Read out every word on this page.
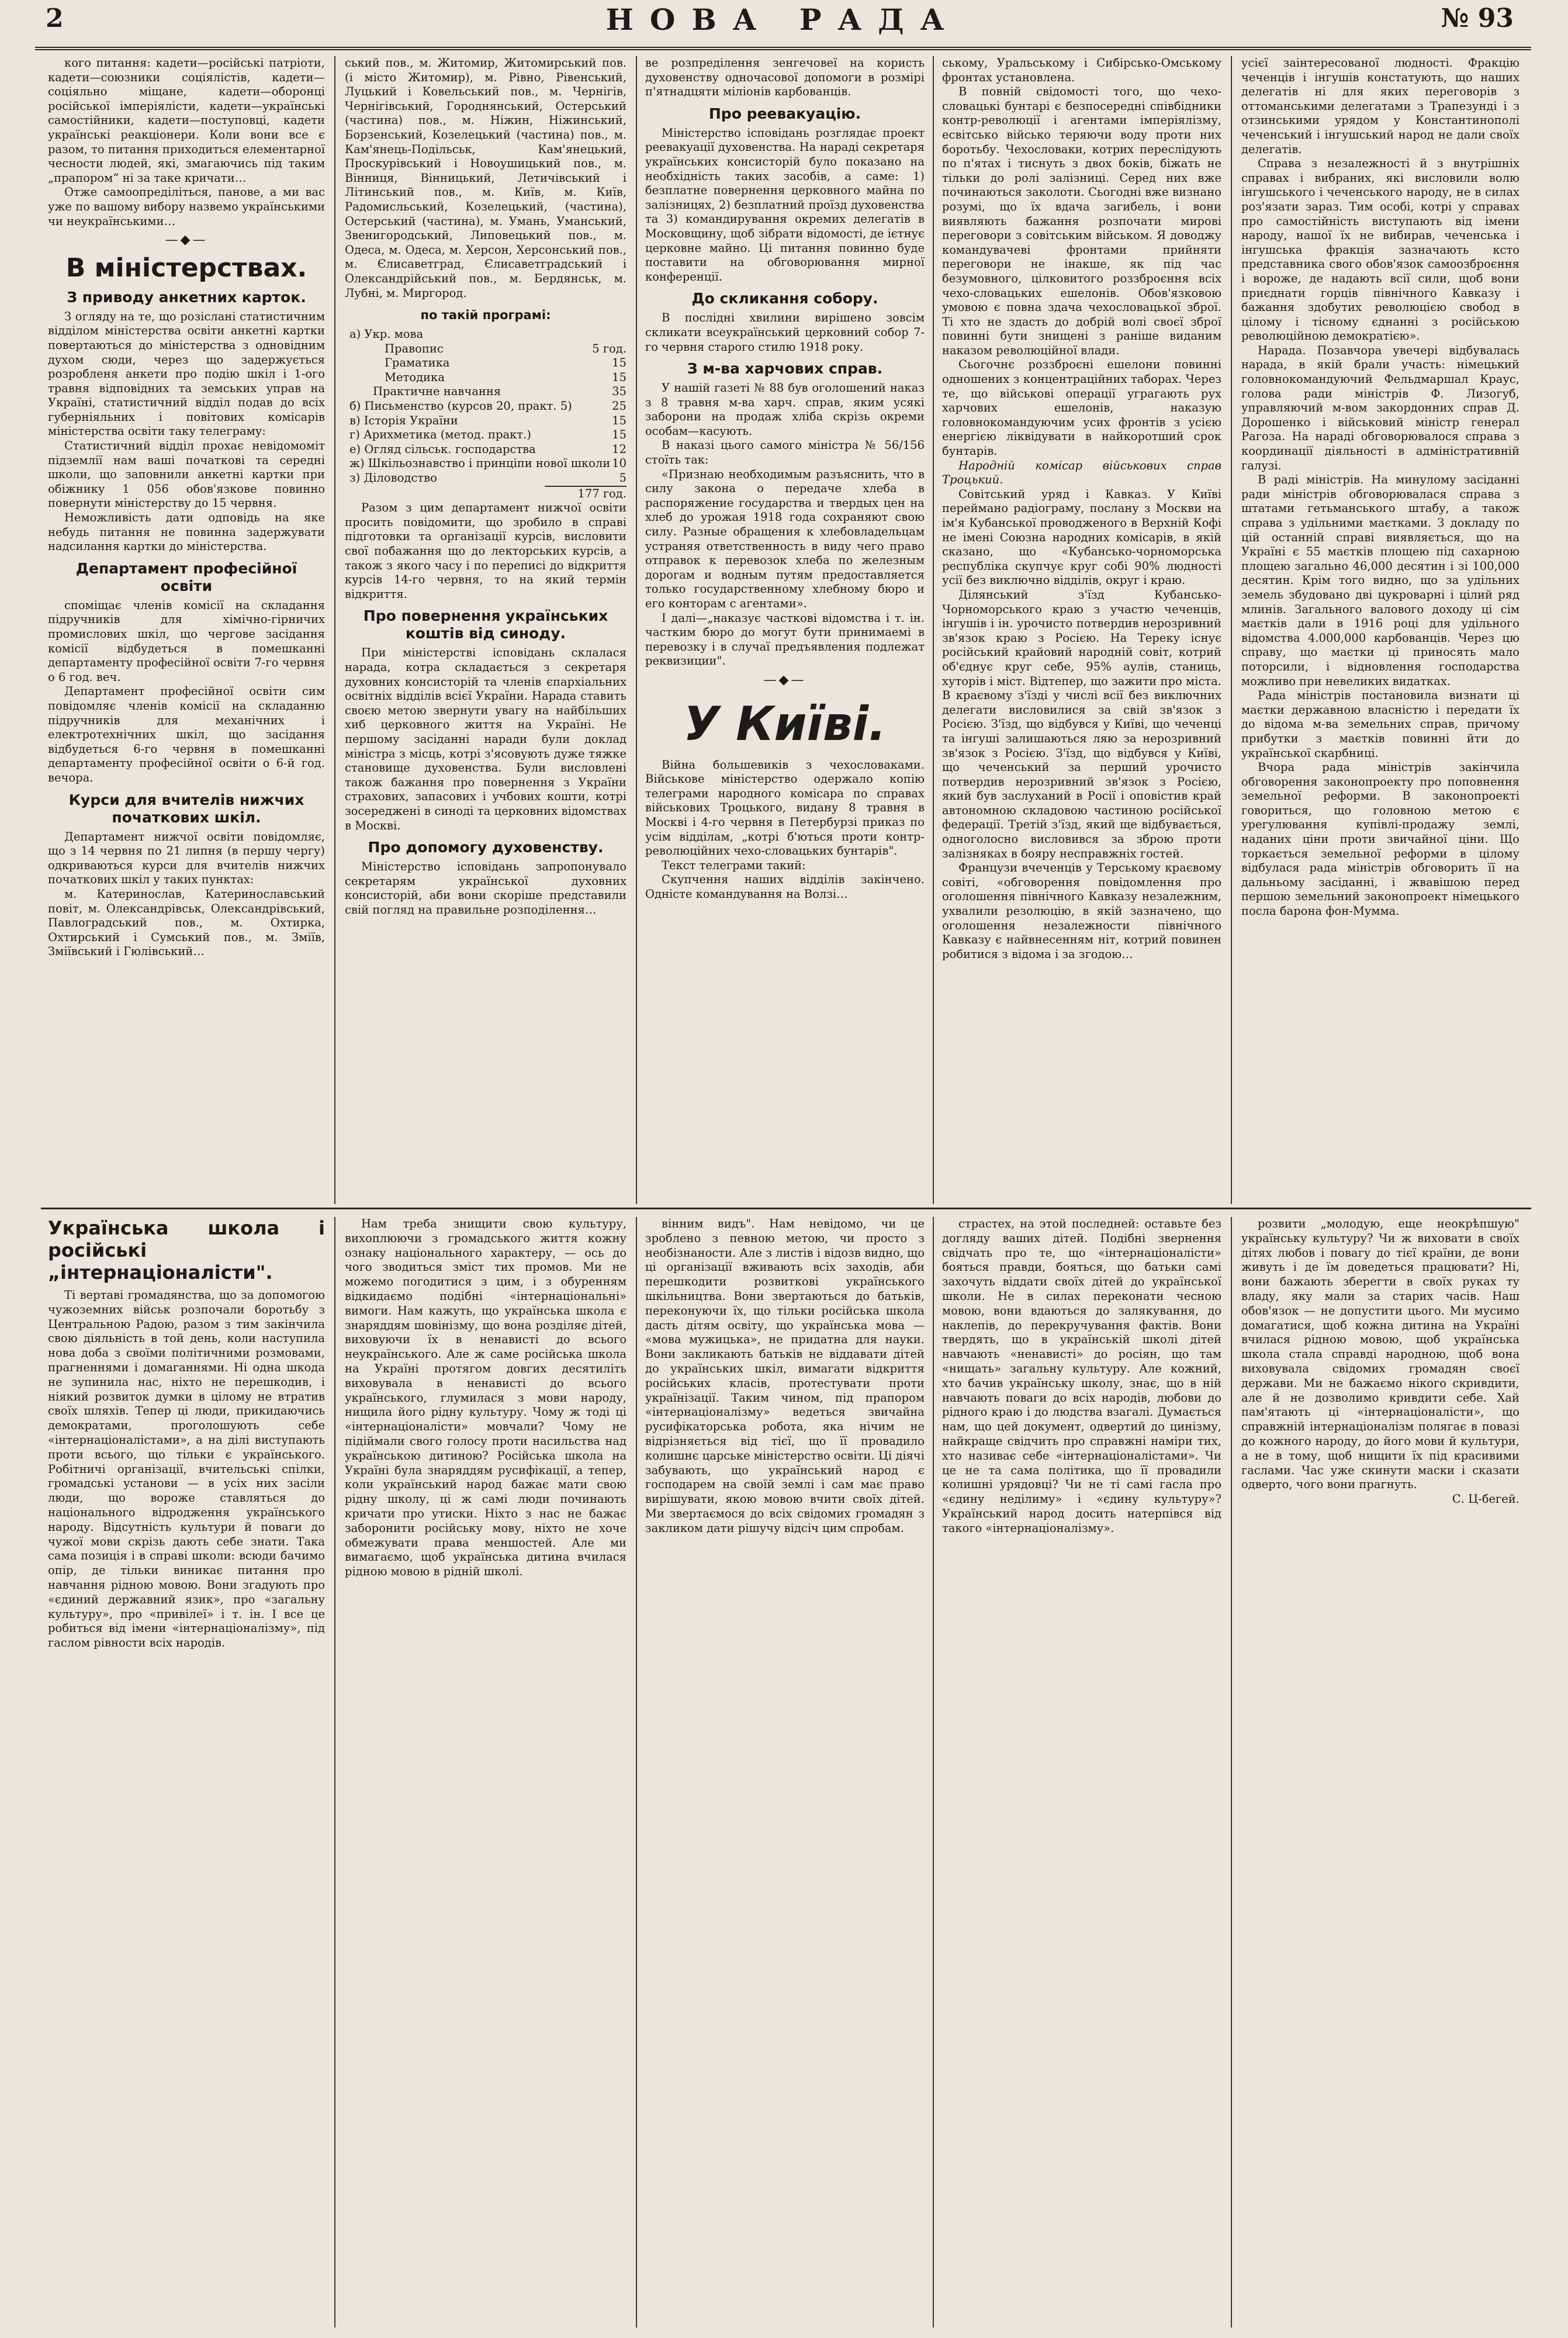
2	НОВА РАДА	№ 93

кого питання: кадети—російські патріоти, кадети—союзники соціялістів, кадети—соціяльно міщане, кадети—оборонці російської імперіялісти, кадети—українські самостійники, кадети—поступовці, кадети українські реакціонери. Коли вони все є разом, то питання приходиться елементарної чесности людей, які, змагаючись під таким „прапором“ ні за таке кричати…

Отже самоопреділіться, панове, а ми вас уже по вашому вибору назвемо українськими чи неукраїнськими…

—◆—
В міністерствах.
З приводу анкетних карток.

З огляду на те, що розіслані статистичним відділом міністерства освіти анкетні картки повертаються до міністерства з одновідним духом сюди, через що задержується розробленя анкети про подію шкіл і 1-ого травня відповідних та земських управ на Україні, статистичний відділ подав до всіх губерніяльних і повітових комісарів міністерства освіти таку телеграму:

Статистичний відділ прохає невідомоміт підземлії нам ваші початкові та середні школи, що заповнили анкетні картки при обіжнику 1 056 обов'язкове повинно повернути міністерству до 15 червня.

Неможливість дати одповідь на яке небудь питання не повинна задержувати надсилання картки до міністерства.

Департамент професійної освіти

споміщає членів комісії на складання підручників для хімічно-гірничих промислових шкіл, що чергове засідання комісії відбудеться в помешканні департаменту професійної освіти 7-го червня о 6 год. веч.

Департамент професійної освіти сим повідомляє членів комісії на складанню підручників для механічних і електротехнічних шкіл, що засідання відбудеться 6-го червня в помешканні департаменту професійної освіти о 6-й год. вечора.

Курси для вчителів нижчих початкових шкіл.

Департамент нижчої освіти повідомляє, що з 14 червня по 21 липня (в першу чергу) одкриваються курси для вчителів нижчих початкових шкіл у таких пунктах:

м. Катеринослав, Катеринославський повіт, м. Олександрівськ, Олександрівський, Павлоградський пов., м. Охтирка, Охтирський і Сумський пов., м. Зміїв, Зміївський і Гюлівський…

ський пов., м. Житомир, Житомирський пов. (і місто Житомир), м. Рівно, Рівенський, Луцький і Ковельський пов., м. Чернігів, Чернігівський, Городнянський, Остерський (частина) пов., м. Ніжин, Ніжинський, Борзенський, Козелецький (частина) пов., м. Кам'янець-Подільськ, Кам'янецький, Проскурівський і Новоушицький пов., м. Вінниця, Вінницький, Летичівський і Літинський пов., м. Київ, м. Київ, Радомисльський, Козелецький, (частина), Остерський (частина), м. Умань, Уманський, Звенигородський, Липовецький пов., м. Одеса, м. Одеса, м. Херсон, Херсонський пов., м. Єлисаветград, Єлисаветградський і Олександрійський пов., м. Бердянськ, м. Лубні, м. Миргород.

по такій програмі:
а) Укр. мова
Правопис	5 год.
Граматика	15
Методика	15
Практичне навчання	35
б) Письменство (курсов 20, практ. 5)	25
в) Історія України	15
г) Арихметика (метод. практ.)	15
е) Огляд сільськ. господарства	12
ж) Шкільознавство і принціпи нової школи 10
з) Діловодство	5
177 год.

Разом з цим департамент нижчої освіти просить повідомити, що зробило в справі підготовки та організації курсів, висловити свої побажання що до лекторських курсів, а також з якого часу і по переписі до відкриття курсів 14-го червня, то на який термін відкриття.

Про повернення українських коштів від синоду.

При міністерстві ісповідань склалася нарада, котра складається з секретаря духовних консисторій та членів єпархіальних освітніх відділів всієї України. Нарада ставить своєю метою звернути увагу на найбільших хиб церковного життя на Україні. Не першому засіданні наради були доклад міністра з місць, котрі з'ясовують дуже тяжке становище духовенства. Були висловлені також бажання про повернення з України страхових, запасових і учбових кошти, котрі зосереджені в синоді та церковних відомствах в Москві.

Про допомогу духовенству.

Міністерство ісповідань запропонувало секретарям української духовних консисторій, аби вони скоріше представили свій погляд на правильне розподілення…

ве розпреділення зенгечовеї на користь духовенству одночасової допомоги в розмірі п'ятнадцяти міліонів карбованців.

Про реевакуацію.

Міністерство ісповідань розглядає проект реевакуації духовенства. На нараді секретаря українських консисторій було показано на необхідність таких засобів, а саме: 1) безплатне повернення церковного майна по залізницях, 2) безплатний проїзд духовенства та 3) командирування окремих делегатів в Московщину, щоб зібрати відомості, де ієтнує церковне майно. Ці питання повинно буде поставити на обговорювання мирної конференції.

До скликання собору.

В послідні хвилини вирішено зовсім скликати всеукраїнський церковний собор 7-го червня старого стилю 1918 року.

З м-ва харчових справ.

У нашій газеті № 88 був оголошений наказ з 8 травня м-ва харч. справ, яким усякі заборони на продаж хліба скрізь окреми особам—касують.

В наказі цього самого міністра № 56/156 стоїть так:

«Признаю необходимым разъяснить, что в силу закона о передаче хлеба в распоряжение государства и твердых цен на хлеб до урожая 1918 года сохраняют свою силу. Разные обращения к хлебовладельцам устраняя ответственность в виду чего право отправок к перевозок хлеба по железным дорогам и водным путям предоставляется только государственному хлебному бюро и его конторам с агентами».

І далі—„наказує часткові відомства і т. ін. частким бюро до могут бути принимаемі в перевозку і в случаї предъявления подлежат реквизиции".

—◆—
У Київі.

Війна большевиків з чехословаками. Військове міністерство одержало копію телеграми народного комісара по справах військових Троцького, видану 8 травня в Москві і 4-го червня в Петербурзі приказ по усім відділам, „котрі б'ються проти контр-революційних чехо-словацьких бунтарів".

Текст телеграми такий:

Скупчення наших відділів закінчено. Одністе командування на Волзі…

ському, Уральському і Сибірсько-Омському фронтах установлена.

В повній свідомості того, що чехо-словацькі бунтарі є безпосередні співбідники контр-революції і агентами імперіялізму, есвітсько військо теряючи воду проти них боротьбу. Чехословаки, котрих переслідують по п'ятах і тиснуть з двох боків, біжать не тільки до ролі залізниці. Серед них вже починаються заколоти. Сьогодні вже визнано розумі, що їх вдача загибель, і вони виявляють бажання розпочати мирові переговори з совітським військом. Я доводжу командувачеві фронтами прийняти переговори не інакше, як під час безумовного, цілковитого роззброєння всіх чехо-словацьких ешелонів. Обов'язковою умовою є повна здача чехословацької зброї. Ті хто не здасть до добрій волі своєї зброї повинні бути знищені з раніше виданим наказом революційної влади.

Сьогочнє роззброєні ешелони повинні одношених з концентраційних таборах. Через те, що військові операції уграгають рух харчових ешелонів, наказую головнокомандуючим усих фронтів з усією енергією ліквідувати в найкоротший срок бунтарів.

Народній комісар військових справ Троцький.

Совітський уряд і Кавказ. У Київі переймано радіограму, послану з Москви на ім'я Кубанської проводженого в Верхній Кофі не імені Союзна народних комісарів, в якій сказано, що «Кубансько-чорноморська республіка скупчує круг собі 90% людності усії без виключно відділів, округ і краю.

Ділянський з'їзд Кубансько-Чорноморського краю з участю чеченців, інгушів і ін. урочисто потвердив нерозривний зв'язок краю з Росією. На Тереку існує російський крайовий народній совіт, котрий об'єднує круг себе, 95% аулів, станиць, хуторів і міст. Відтепер, що зажити про міста. В краєвому з'їзді у числі всії без виключних делегати висловилися за свій зв'язок з Росією. З'їзд, що відбувся у Київі, що чеченці та інгуші залишаються ляю за нерозривний зв'язок з Росією. З'їзд, що відбувся у Київі, що чеченський за перший урочисто потвердив нерозривний зв'язок з Росією, який був заслуханий в Росії і оповістив край автономною складовою частиною російської федерації. Третій з'їзд, який ще відбувається, одноголосно висловився за зброю проти залізняках в бояру несправжніх гостей.

Французи вчеченців у Терському краєвому совіті, «обговорення повідомлення про оголошення північного Кавказу незалежним, ухвалили резолюцію, в якій зазначено, що оголошення незалежности північного Кавказу є найвнесенням ніт, котрий повинен робитися з відома і за згодою…

усієї заінтересованої людності. Фракцію чеченців і інгушів констатують, що наших делегатів ні для яких переговорів з оттоманськими делегатами з Трапезунді і з отзинськими урядом у Константинополі чеченський і інгушський народ не дали своїх делегатів.

Справа з незалежності й з внутрішніх справах і вибраних, які висловили волю інгушського і чеченського народу, не в силах роз'язати зараз. Тим особі, котрі у справах про самостійність виступають від імени народу, нашої їх не вибирав, чеченська і інгушська фракція зазначають ксто представника свого обов'язок самоозброєння і вороже, де надають всії сили, щоб вони приєднати горців північного Кавказу і бажання здобутих революцією свобод в цілому і тісному єднанні з російською революційною демократією».

Нарада. Позавчора увечері відбувалась нарада, в якій брали участь: німецький головнокомандуючий Фельдмаршал Краус, голова ради міністрів Ф. Лизогуб, управляючий м-вом закордонних справ Д. Дорошенко і військовий міністр генерал Рагоза. На нараді обговорювалося справа з координації діяльності в адміністративній галузі.

В раді міністрів. На минулому засіданні ради міністрів обговорювалася справа з штатами гетьманського штабу, а також справа з удільними маєтками. З докладу по цій останній справі виявляється, що на Україні є 55 маєтків площею під сахарною площею загально 46,000 десятин і зі 100,000 десятин. Крім того видно, що за удільних земель збудовано дві цукроварні і цілий ряд млинів. Загального валового доходу ці сім маєтків дали в 1916 році для удільного відомства 4.000,000 карбованців. Через цю справу, що маєтки ці приносять мало поторсили, і відновлення господарства можливо при невеликих видатках.

Рада міністрів постановила визнати ці маєтки державною власністю і передати їх до відома м-ва земельних справ, причому прибутки з маєтків повинні йти до української скарбниці.

Вчора рада міністрів закінчила обговорення законопроекту про поповнення земельної реформи. В законопроекті говориться, що головною метою є урегулювання купівлі-продажу землі, наданих ціни проти звичайної ціни. Що торкається земельної реформи в цілому відбулася рада міністрів обговорить її на дальньому засіданні, і жвавішою перед першою земельний законопроект німецького посла барона фон-Мумма.

Українська школа і російські „інтернаціоналісти".

Ті вертаві громадянства, що за допомогою чужоземних військ розпочали боротьбу з Центральною Радою, разом з тим закінчила свою діяльність в той день, коли наступила нова доба з своїми політичними розмовами, прагненнями і домаганнями. Ні одна шкода не зупинила нас, ніхто не перешкодив, і ніякий розвиток думки в цілому не втратив своїх шляхів. Тепер ці люди, прикидаючись демократами, проголошують себе «інтернаціоналістами», а на ділі виступають проти всього, що тільки є українського. Робітничі організації, вчительські спілки, громадські установи — в усіх них засіли люди, що вороже ставляться до національного відродження українського народу. Відсутність культури й поваги до чужої мови скрізь дають себе знати. Така сама позиція і в справі школи: всюди бачимо опір, де тільки виникає питання про навчання рідною мовою. Вони згадують про «єдиний державний язик», про «загальну культуру», про «привілеї» і т. ін. І все це робиться від імени «інтернаціоналізму», під гаслом рівности всіх народів.

Нам треба знищити свою культуру, вихоплюючи з громадського життя кожну ознаку національного характеру, — ось до чого зводиться зміст тих промов. Ми не можемо погодитися з цим, і з обуренням відкидаємо подібні «інтернаціональні» вимоги. Нам кажуть, що українська школа є знаряддям шовінізму, що вона розділяє дітей, виховуючи їх в ненависті до всього неукраїнського. Але ж саме російська школа на Україні протягом довгих десятиліть виховувала в ненависті до всього українського, глумилася з мови народу, нищила його рідну культуру. Чому ж тоді ці «інтернаціоналісти» мовчали? Чому не підіймали свого голосу проти насильства над українською дитиною? Російська школа на Україні була знаряддям русифікації, а тепер, коли український народ бажає мати свою рідну школу, ці ж самі люди починають кричати про утиски. Ніхто з нас не бажає заборонити російську мову, ніхто не хоче обмежувати права меншостей. Але ми вимагаємо, щоб українська дитина вчилася рідною мовою в рідній школі.

вінним видъ". Нам невідомо, чи це зроблено з певною метою, чи просто з необізнаности. Але з листів і відозв видно, що ці організації вживають всіх заходів, аби перешкодити розвиткові українського шкільництва. Вони звертаються до батьків, переконуючи їх, що тільки російська школа дасть дітям освіту, що українська мова — «мова мужицька», не придатна для науки. Вони закликають батьків не віддавати дітей до українських шкіл, вимагати відкриття російських класів, протестувати проти українізації. Таким чином, під прапором «інтернаціоналізму» ведеться звичайна русифікаторська робота, яка нічим не відрізняється від тієї, що її провадило колишнє царське міністерство освіти. Ці діячі забувають, що український народ є господарем на своїй землі і сам має право вирішувати, якою мовою вчити своїх дітей. Ми звертаємося до всіх свідомих громадян з закликом дати рішучу відсіч цим спробам.

страстех, на этой последней: оставьте без догляду ваших дітей. Подібні звернення свідчать про те, що «інтернаціоналісти» бояться правди, бояться, що батьки самі захочуть віддати своїх дітей до української школи. Не в силах переконати чесною мовою, вони вдаються до залякування, до наклепів, до перекручування фактів. Вони твердять, що в українській школі дітей навчають «ненависті» до росіян, що там «нищать» загальну культуру. Але кожний, хто бачив українську школу, знає, що в ній навчають поваги до всіх народів, любови до рідного краю і до людства взагалі. Думається нам, що цей документ, одвертий до цинізму, найкраще свідчить про справжні наміри тих, хто називає себе «інтернаціоналістами». Чи це не та сама політика, що її провадили колишні урядовці? Чи не ті самі гасла про «єдину неділиму» і «єдину культуру»? Український народ досить натерпівся від такого «інтернаціоналізму».

розвити „молодую, еще неокрѣпшую" українську культуру? Чи ж виховати в своїх дітях любов і повагу до тієї країни, де вони живуть і де їм доведеться працювати? Ні, вони бажають зберегти в своїх руках ту владу, яку мали за старих часів. Наш обов'язок — не допустити цього. Ми мусимо домагатися, щоб кожна дитина на Україні вчилася рідною мовою, щоб українська школа стала справді народною, щоб вона виховувала свідомих громадян своєї держави. Ми не бажаємо нікого скривдити, але й не дозволимо кривдити себе. Хай пам'ятають ці «інтернаціоналісти», що справжній інтернаціоналізм полягає в повазі до кожного народу, до його мови й культури, а не в тому, щоб нищити їх під красивими гаслами. Час уже скинути маски і сказати одверто, чого вони прагнуть.

С. Ц-бегей.
